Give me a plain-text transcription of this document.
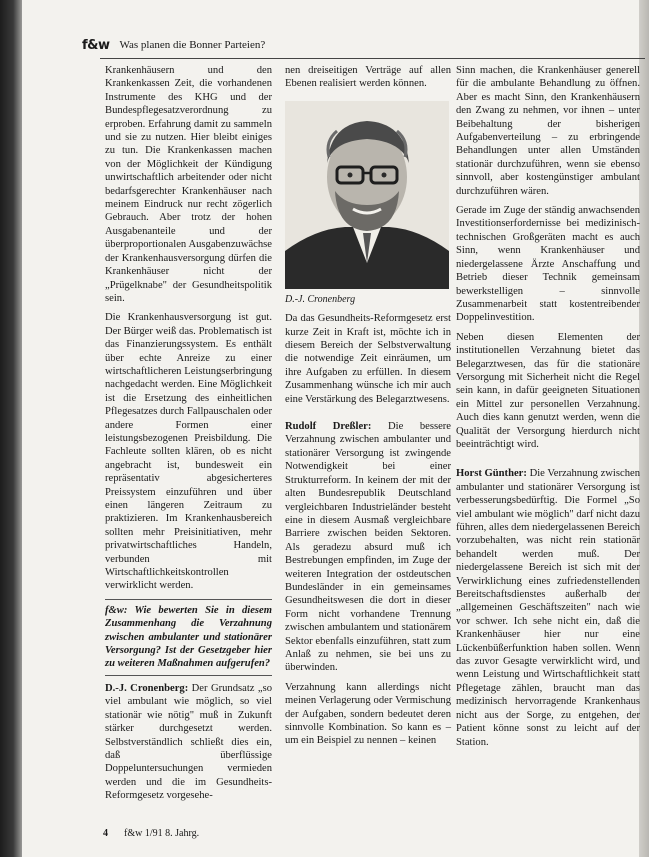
f&w Was planen die Bonner Parteien?

Krankenhäusern und den Krankenkassen Zeit, die vorhandenen Instrumente des KHG und der Bundespflegesatzverordnung zu erproben. Erfahrung damit zu sammeln und sie zu nutzen. Hier bleibt einiges zu tun. Die Krankenkassen machen von der Möglichkeit der Kündigung unwirtschaftlich arbeitender oder nicht bedarfsgerechter Krankenhäuser nach meinem Eindruck nur recht zögerlich Gebrauch. Aber trotz der hohen Ausgabenanteile und der überproportionalen Ausgabenzuwächse der Krankenhausversorgung dürfen die Krankenhäuser nicht der „Prügelknabe" der Gesundheitspolitik sein.

Die Krankenhausversorgung ist gut. Der Bürger weiß das. Problematisch ist das Finanzierungssystem. Es enthält über echte Anreize zu einer wirtschaftlicheren Leistungserbringung nachgedacht werden. Eine Möglichkeit ist die Ersetzung des einheitlichen Pflegesatzes durch Fallpauschalen oder andere Formen einer leistungsbezogenen Preisbildung. Die Fachleute sollten klären, ob es nicht angebracht ist, bundesweit ein repräsentativ abgesicherteres Preissystem einzuführen und über einen längeren Zeitraum zu praktizieren. Im Krankenhausbereich sollten mehr Preisinitiativen, mehr privatwirtschaftliches Handeln, verbunden mit Wirtschaftlichkeitskontrollen verwirklicht werden.

f&w: Wie bewerten Sie in diesem Zusammenhang die Verzahnung zwischen ambulanter und stationärer Versorgung? Ist der Gesetzgeber hier zu weiteren Maßnahmen aufgerufen?

D.-J. Cronenberg: Der Grundsatz „so viel ambulant wie möglich, so viel stationär wie nötig" muß in Zukunft stärker durchgesetzt werden. Selbstverständlich schließt dies ein, daß überflüssige Doppeluntersuchungen vermieden werden und die im Gesundheits-Reformgesetz vorgesehe-

nen dreiseitigen Verträge auf allen Ebenen realisiert werden können.

D.-J. Cronenberg

Da das Gesundheits-Reformgesetz erst kurze Zeit in Kraft ist, möchte ich in diesem Bereich der Selbstverwaltung die notwendige Zeit einräumen, um ihre Aufgaben zu erfüllen. In diesem Zusammenhang wünsche ich mir auch eine Verstärkung des Belegarztwesens.

Rudolf Dreßler: Die bessere Verzahnung zwischen ambulanter und stationärer Versorgung ist zwingende Notwendigkeit bei einer Strukturreform. In keinem der mit der alten Bundesrepublik Deutschland vergleichbaren Industrieländer besteht eine in diesem Ausmaß vergleichbare Barriere zwischen beiden Sektoren. Als geradezu absurd muß ich Bestrebungen empfinden, im Zuge der weiteren Integration der ostdeutschen Bundesländer in ein gemeinsames Gesundheitswesen die dort in dieser Form nicht vorhandene Trennung zwischen ambulantem und stationärem Sektor ebenfalls einzuführen, statt zum Anlaß zu nehmen, sie bei uns zu überwinden.

Verzahnung kann allerdings nicht meinen Verlagerung oder Vermischung der Aufgaben, sondern bedeutet deren sinnvolle Kombination. So kann es – um ein Beispiel zu nennen – keinen

Sinn machen, die Krankenhäuser generell für die ambulante Behandlung zu öffnen. Aber es macht Sinn, den Krankenhäusern den Zwang zu nehmen, vor ihnen – unter Beibehaltung der bisherigen Aufgabenverteilung – zu erbringende Behandlungen unter allen Umständen stationär durchzuführen, wenn sie ebenso sinnvoll, aber kostengünstiger ambulant durchzuführen wären.

Gerade im Zuge der ständig anwachsenden Investitionserfordernisse bei medizinisch-technischen Großgeräten macht es auch Sinn, wenn Krankenhäuser und niedergelassene Ärzte Anschaffung und Betrieb dieser Technik gemeinsam bewerkstelligen – sinnvolle Zusammenarbeit statt kostentreibender Doppelinvestition.

Neben diesen Elementen der institutionellen Verzahnung bietet das Belegarztwesen, das für die stationäre Versorgung mit Sicherheit nicht die Regel sein kann, in dafür geeigneten Situationen ein Mittel zur personellen Verzahnung. Auch dies kann genutzt werden, wenn die Qualität der Versorgung hierdurch nicht beeinträchtigt wird.

Horst Günther: Die Verzahnung zwischen ambulanter und stationärer Versorgung ist verbesserungsbedürftig. Die Formel „So viel ambulant wie möglich" darf nicht dazu führen, alles dem niedergelassenen Bereich vorzubehalten, was nicht rein stationär behandelt werden muß. Der niedergelassene Bereich ist sich mit der Verwirklichung eines zufriedenstellenden Bereitschaftsdienstes außerhalb der „allgemeinen Geschäftszeiten" nach wie vor schwer. Ich sehe nicht ein, daß die Krankenhäuser hier nur eine Lückenbüßerfunktion haben sollen. Wenn das zuvor Gesagte verwirklicht wird, und wenn Leistung und Wirtschaftlichkeit statt Pflegetage zählen, braucht man das medizinisch hervorragende Krankenhaus nicht aus der Sorge, zu entgehen, der Patient könne sonst zu leicht auf der Station.

4 f&w 1/91 8. Jahrg.
